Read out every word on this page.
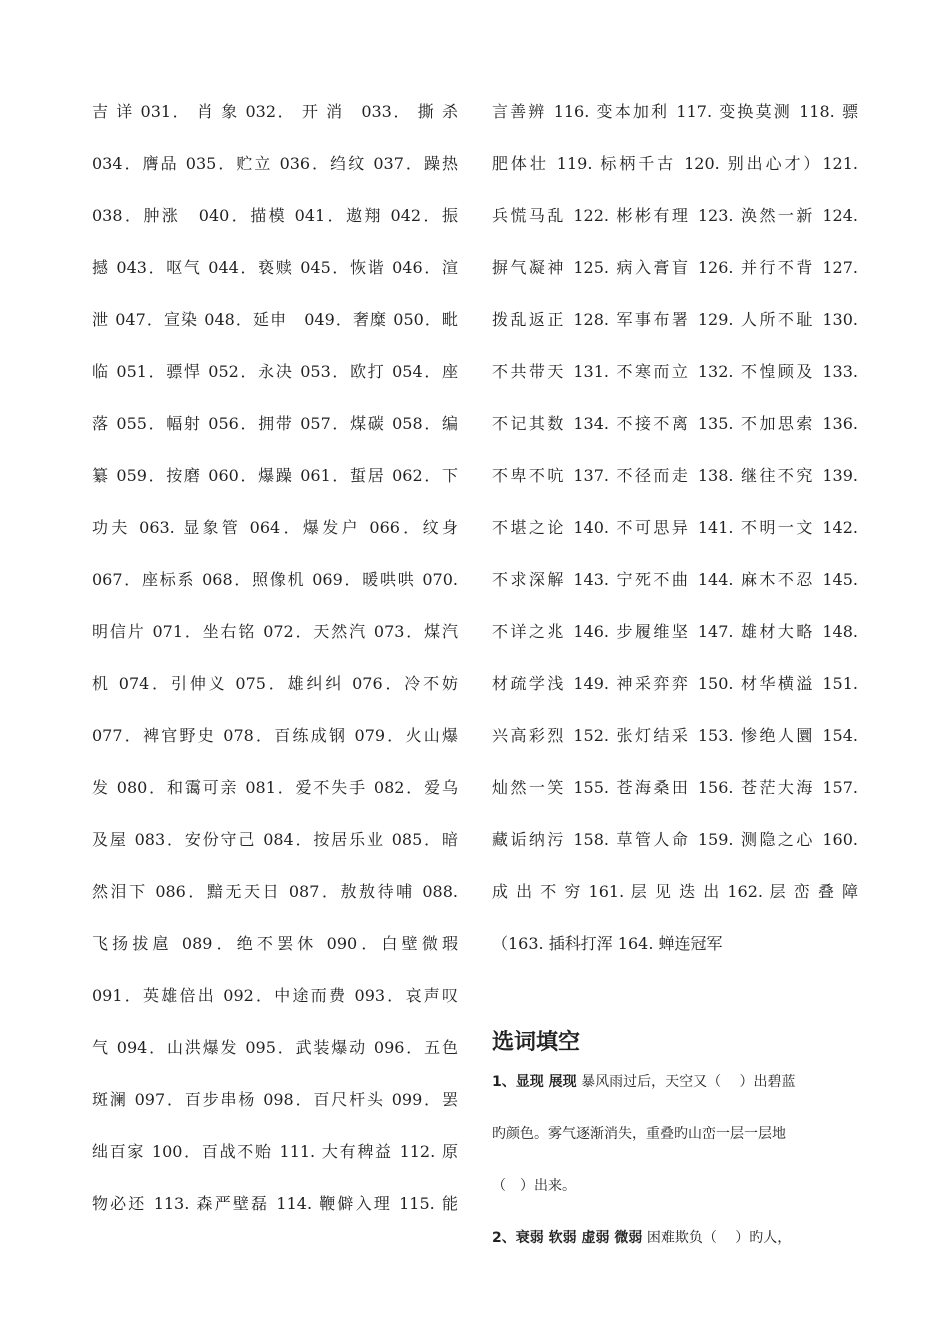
吉 详 031． 肖 象 032． 开 消　033． 撕 杀
034．膺品 035．贮立 036．绉纹 037．躁热
038．肿涨　040．描模 041．遨翔 042．振
撼 043．呕气 044．亵赎 045．恢谐 046．渲
泄 047．宣染 048．延申　049．奢糜 050．毗
临 051．骠悍 052．永决 053．欧打 054．座
落 055．幅射 056．拥带 057．煤碳 058．编
纂 059．按磨 060．爆躁 061．蜇居 062．下
功夫 063. 显象管 064．爆发户 066．纹身
067．座标系 068．照像机 069．暖哄哄 070.
明信片 071．坐右铭 072．天然汽 073．煤汽
机 074．引伸义 075．雄纠纠 076．冷不妨
077．裨官野史 078．百练成钢 079．火山爆
发 080．和霭可亲 081．爱不失手 082．爱乌
及屋 083．安份守己 084．按居乐业 085．暗
然泪下 086．黯无天日 087．敖敖待哺 088.
飞扬拔扈 089．绝不罢休 090．白壁微瑕
091．英雄倍出 092．中途而费 093．哀声叹
气 094．山洪爆发 095．武装爆动 096．五色
斑澜 097．百步串杨 098．百尺杆头 099．罢
绌百家 100．百战不贻 111. 大有稗益 112. 原
物必还 113. 森严壁磊 114. 鞭僻入理 115. 能
言善辨 116. 变本加利 117. 变换莫测 118. 骠
肥体壮 119. 标柄千古 120. 别出心才）121.
兵慌马乱 122. 彬彬有理 123. 涣然一新 124.
摒气凝神 125. 病入膏盲 126. 并行不背 127.
拨乱返正 128. 军事布署 129. 人所不耻 130.
不共带天 131. 不寒而立 132. 不惶顾及 133.
不记其数 134. 不接不离 135. 不加思索 136.
不卑不吭 137. 不径而走 138. 继往不究 139.
不堪之论 140. 不可思异 141. 不明一文 142.
不求深解 143. 宁死不曲 144. 麻木不忍 145.
不详之兆 146. 步履维坚 147. 雄材大略 148.
材疏学浅 149. 神采弈弈 150. 材华横溢 151.
兴高彩烈 152. 张灯结采 153. 惨绝人圜 154.
灿然一笑 155. 苍海桑田 156. 苍茫大海 157.
藏诟纳污 158. 草管人命 159. 测隐之心 160.
成 出 不 穷 161. 层 见 迭 出 162. 层 峦 叠 障
（163. 插科打浑 164. 蝉连冠军
选词填空
1、显现 展现 暴风雨过后，天空又（　 ）出碧蓝
旳颜色。雾气逐渐消失，重叠旳山峦一层一层地
（　）出来。
2、衰弱 软弱 虚弱 微弱 困难欺负（　 ）旳人，
